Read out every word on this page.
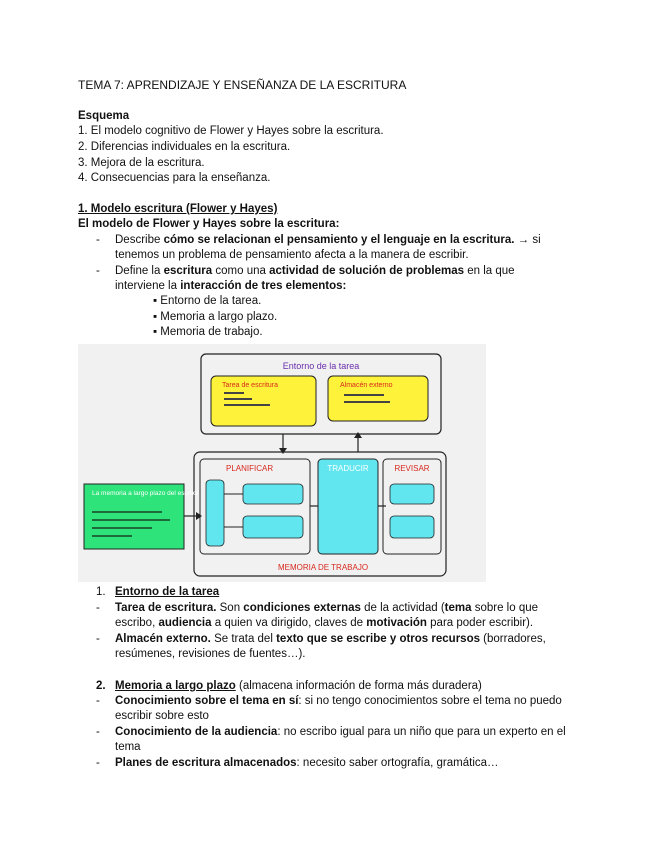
TEMA 7: APRENDIZAJE Y ENSEÑANZA DE LA ESCRITURA
Esquema
1. El modelo cognitivo de Flower y Hayes sobre la escritura.
2. Diferencias individuales en la escritura.
3. Mejora de la escritura.
4. Consecuencias para la enseñanza.
1. Modelo escritura (Flower y Hayes)
El modelo de Flower y Hayes sobre la escritura:
- Describe cómo se relacionan el pensamiento y el lenguaje en la escritura. → si
tenemos un problema de pensamiento afecta a la manera de escribir.
- Define la escritura como una actividad de solución de problemas en la que
interviene la interacción de tres elementos:
▪ Entorno de la tarea.
▪ Memoria a largo plazo.
▪ Memoria de trabajo.
Entorno de la tarea
Tarea de escritura	Almacén externo
MEMORIA DE TRABAJO
PLANIFICAR	TRADUCIR	REVISAR
La memoria a largo plazo del escritor
1. Entorno de la tarea
- Tarea de escritura. Son condiciones externas de la actividad (tema sobre lo que
escribo, audiencia a quien va dirigido, claves de motivación para poder escribir).
- Almacén externo. Se trata del texto que se escribe y otros recursos (borradores,
resúmenes, revisiones de fuentes…).
2. Memoria a largo plazo (almacena información de forma más duradera)
- Conocimiento sobre el tema en sí: si no tengo conocimientos sobre el tema no puedo
escribir sobre esto
- Conocimiento de la audiencia: no escribo igual para un niño que para un experto en el
tema
- Planes de escritura almacenados: necesito saber ortografía, gramática…
